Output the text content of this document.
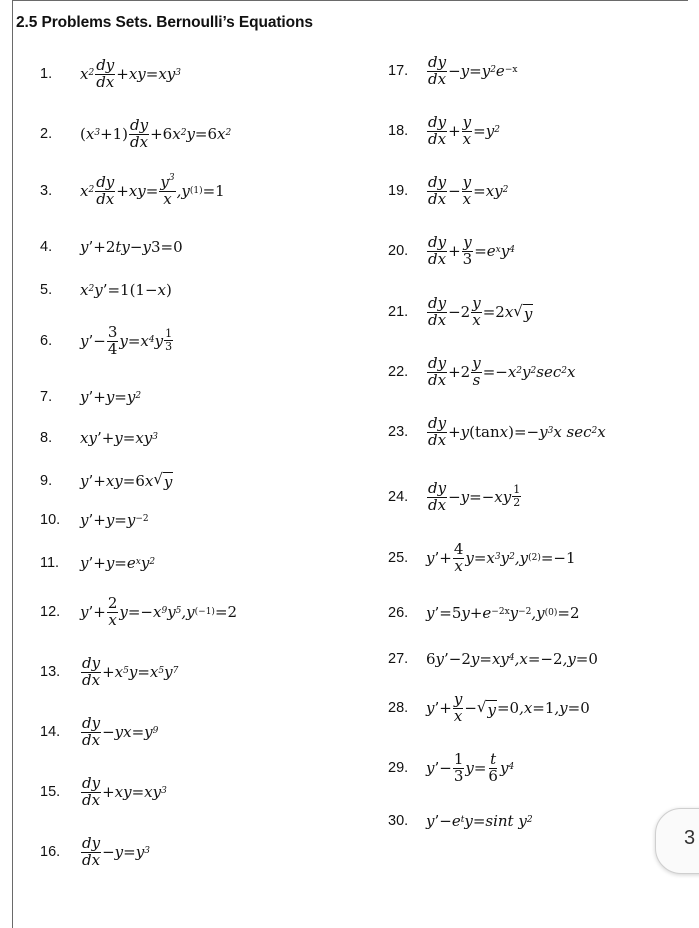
2.5 Problems Sets. Bernoulli’s Equations
1.	$x^2 \frac{dy}{dx} +xy=xy^3$
2.	( $x^3 +1) \frac{dy}{dx} +6$ $x^2$ y= 6 $x^2$
3.	$x^2 \frac{dy}{dx} +xy= \frac{y^3}{x} ,y$ (1) =1
4.	y ’+2 ty − y 3=0
5.	$x^2$ y ’=1(1− x )
6.	y ’− $\frac{3}{4} y=x^4$ y $^{\frac{1}{3}}$
7.	y ’+ $y=y^2$
8.	xy ’+ $y=xy^3$
9.	y ’+ xy= 6 x √ y
10.	y ’+ $y=y^{-2}$
11.	y ’+ $y=e^x$ $y^2$
12.	y ’+ $\frac{2}{x} y=-x^9$ $y^5$ ,y (−1) =2
13.	$\frac{dy}{dx} +x^5$ $y=x^5$ $y^7$
14.	$\frac{dy}{dx} - yx=y^9$
15.	$\frac{dy}{dx} +xy=xy^3$
16.	$\frac{dy}{dx} - y=y^3$
17.	$\frac{dy}{dx} - y=y^2$ $e^{-x}$
18.	$\frac{dy}{dx} + \frac{y}{x} =y^2$
19.	$\frac{dy}{dx} - \frac{y}{x} =xy^2$
20.	$\frac{dy}{dx} + \frac{y}{3} =e^x$ $y^4$
21.	$\frac{dy}{dx} -2 \frac{y}{x} = 2$ x √ y
22.	$\frac{dy}{dx} +2 \frac{y}{s} =-x^2$ $y^2$ $\sec^2 x$
23.	$\frac{dy}{dx} + y$ (tan x )=− $y^3$ x $\sec^2 x$
24.	$\frac{dy}{dx} - y=-xy$ $^{\frac{1}{2}}$
25.	y ’+ $\frac{4}{x} y=x^3$ $y^2$ ,y (2) =−1
26.	y ’=5 $y+e^{-2x}$ $y^{-2}$ ,y (0) =2
27.	6 y ’−2 $y=xy^4$ ,x=− 2 ,y= 0
28.	y ’+ $\frac{y}{x}$ − √ y = 0 ,x= 1 ,y= 0
29.	y ’− $\frac{1}{3} y= \frac{t}{6} y^4$
30.	y ’− $e^t$ y=sint $y^2$
3
